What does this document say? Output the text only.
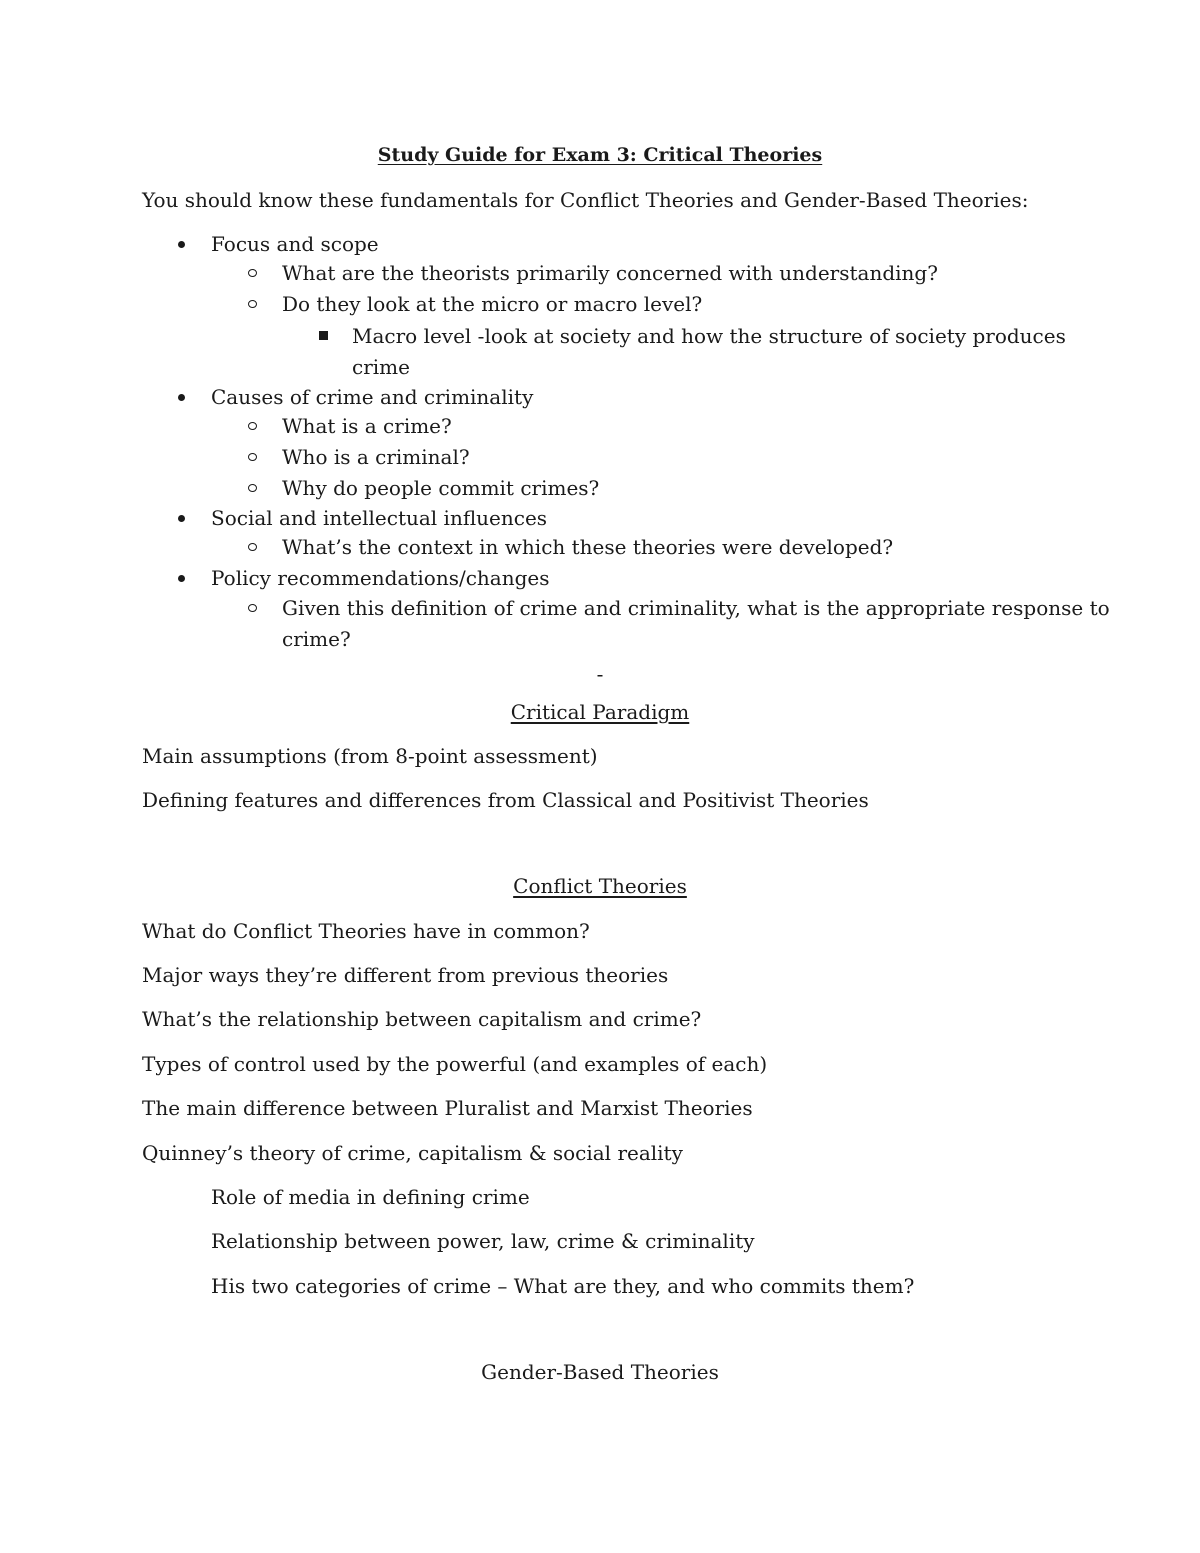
Study Guide for Exam 3: Critical Theories

You should know these fundamentals for Conflict Theories and Gender-Based Theories:

Focus and scope

What are the theorists primarily concerned with understanding?

Do they look at the micro or macro level?

Macro level -look at society and how the structure of society produces

crime

Causes of crime and criminality

What is a crime?

Who is a criminal?

Why do people commit crimes?

Social and intellectual influences

What’s the context in which these theories were developed?

Policy recommendations/changes

Given this definition of crime and criminality, what is the appropriate response to

crime?

-

Critical Paradigm

Main assumptions (from 8-point assessment)

Defining features and differences from Classical and Positivist Theories

Conflict Theories

What do Conflict Theories have in common?

Major ways they’re different from previous theories

What’s the relationship between capitalism and crime?

Types of control used by the powerful (and examples of each)

The main difference between Pluralist and Marxist Theories

Quinney’s theory of crime, capitalism & social reality

Role of media in defining crime

Relationship between power, law, crime & criminality

His two categories of crime – What are they, and who commits them?

Gender-Based Theories
